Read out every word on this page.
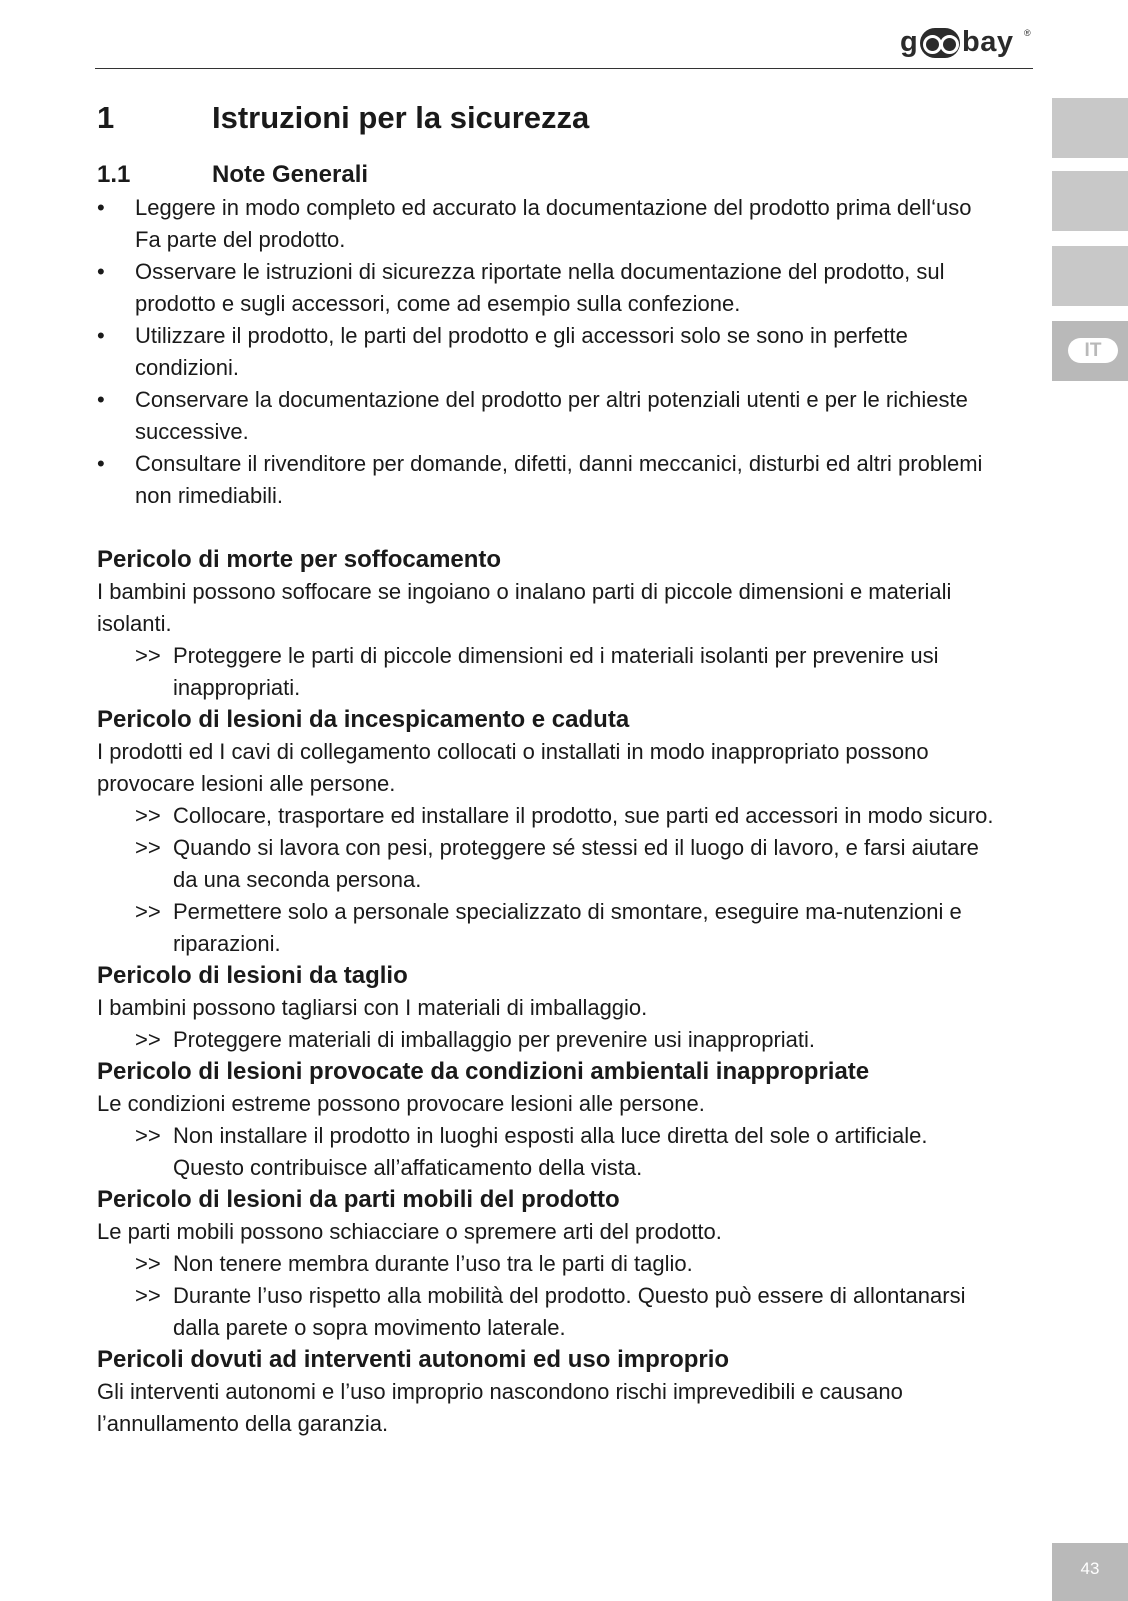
g bay ®
IT
43
1	Istruzioni per la sicurezza
1.1	Note Generali
• Leggere in modo completo ed accurato la documentazione del prodotto prima dell‘uso Fa parte del prodotto.
• Osservare le istruzioni di sicurezza riportate nella documentazione del prodotto, sul prodotto e sugli accessori, come ad esempio sulla confezione.
• Utilizzare il prodotto, le parti del prodotto e gli accessori solo se sono in perfette condizioni.
• Conservare la documentazione del prodotto per altri potenziali utenti e per le richieste successive.
• Consultare il rivenditore per domande, difetti, danni meccanici, disturbi ed altri problemi non rimediabili.
Pericolo di morte per soffocamento
I bambini possono soffocare se ingoiano o inalano parti di piccole dimensioni e materiali isolanti.
>> Proteggere le parti di piccole dimensioni ed i materiali isolanti per prevenire usi inappropriati.
Pericolo di lesioni da incespicamento e caduta
I prodotti ed I cavi di collegamento collocati o installati in modo inappropriato possono provocare lesioni alle persone.
>> Collocare, trasportare ed installare il prodotto, sue parti ed accessori in modo sicuro.
>> Quando si lavora con pesi, proteggere sé stessi ed il luogo di lavoro, e farsi aiutare da una seconda persona.
>> Permettere solo a personale specializzato di smontare, eseguire ma-nutenzioni e riparazioni.
Pericolo di lesioni da taglio
I bambini possono tagliarsi con I materiali di imballaggio.
>> Proteggere materiali di imballaggio per prevenire usi inappropriati.
Pericolo di lesioni provocate da condizioni ambientali inappropriate
Le condizioni estreme possono provocare lesioni alle persone.
>> Non installare il prodotto in luoghi esposti alla luce diretta del sole o artificiale. Questo contribuisce all’affaticamento della vista.
Pericolo di lesioni da parti mobili del prodotto
Le parti mobili possono schiacciare o spremere arti del prodotto.
>> Non tenere membra durante l’uso tra le parti di taglio.
>> Durante l’uso rispetto alla mobilità del prodotto. Questo può essere di allontanarsi dalla parete o sopra movimento laterale.
Pericoli dovuti ad interventi autonomi ed uso improprio
Gli interventi autonomi e l’uso improprio nascondono rischi imprevedibili e causano l’annullamento della garanzia.
